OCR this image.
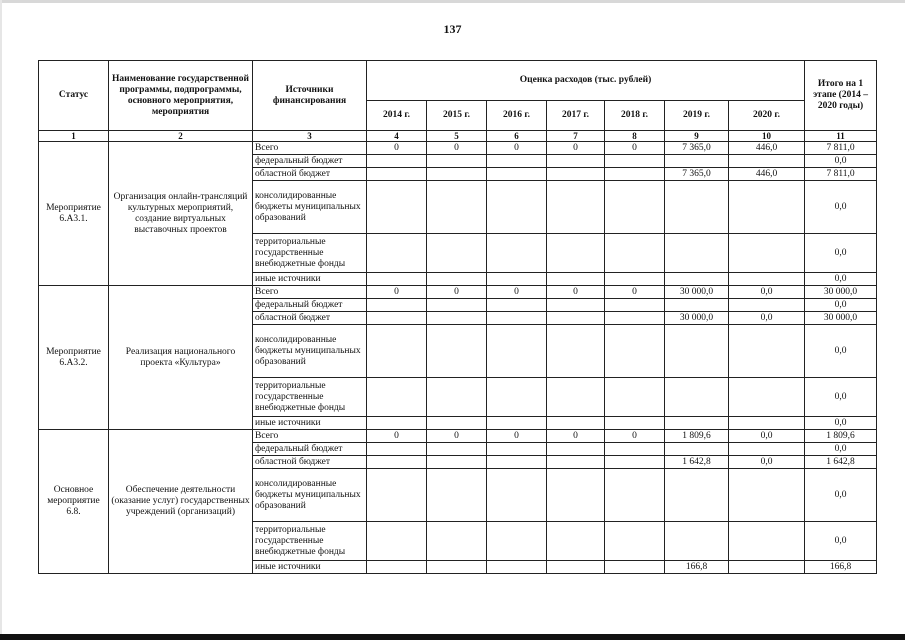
137
Статус	Наименование государственной программы, подпрограммы, основного мероприятия, мероприятия	Источники финансирования	Оценка расходов (тыс. рублей)							Итого на 1 этапе (2014 – 2020 годы)
			2014 г.	2015 г.	2016 г.	2017 г.	2018 г.	2019 г.	2020 г.	
1	2	3	4	5	6	7	8	9	10	11
Мероприятие 6.А3.1.	Организация онлайн-трансляций культурных мероприятий, создание виртуальных выставочных проектов	Всего	0	0	0	0	0	7 365,0	446,0	7 811,0
		федеральный бюджет								0,0
		областной бюджет						7 365,0	446,0	7 811,0
		консолидированные бюджеты муниципальных образований								0,0
		территориальные государственные внебюджетные фонды								0,0
		иные источники								0,0
Мероприятие 6.А3.2.	Реализация национального проекта «Культура»	Всего	0	0	0	0	0	30 000,0	0,0	30 000,0
		федеральный бюджет								0,0
		областной бюджет						30 000,0	0,0	30 000,0
		консолидированные бюджеты муниципальных образований								0,0
		территориальные государственные внебюджетные фонды								0,0
		иные источники								0,0
Основное мероприятие 6.8.	Обеспечение деятельности (оказание услуг) государственных учреждений (организаций)	Всего	0	0	0	0	0	1 809,6	0,0	1 809,6
		федеральный бюджет								0,0
		областной бюджет						1 642,8	0,0	1 642,8
		консолидированные бюджеты муниципальных образований								0,0
		территориальные государственные внебюджетные фонды								0,0
		иные источники						166,8		166,8
